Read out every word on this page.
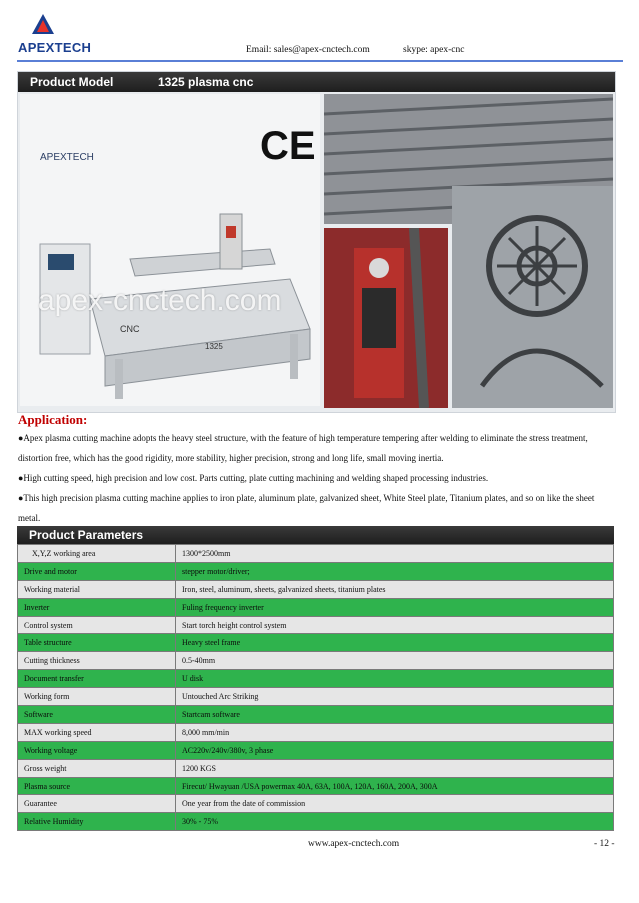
APEXTECH	Email: sales@apex-cnctech.com	skype: apex-cnc
Product Model	1325 plasma cnc
CNC
1325
APEXTECH	CE
apex-cnctech.com
Application:
●Apex plasma cutting machine adopts the heavy steel structure, with the feature of high temperature tempering after welding to eliminate the stress treatment, distortion free, which has the good rigidity, more stability, higher precision, strong and long life, small moving inertia.
●High cutting speed, high precision and low cost. Parts cutting, plate cutting machining and welding shaped processing industries.
●This high precision plasma cutting machine applies to iron plate, aluminum plate, galvanized sheet, White Steel plate, Titanium plates, and so on like the sheet metal.
Product Parameters
X,Y,Z working area	1300*2500mm
Drive and motor	stepper motor/driver;
Working material	Iron, steel, aluminum, sheets, galvanized sheets, titanium plates
Inverter	Fuling frequency inverter
Control system	Start torch height control system
Table structure	Heavy steel frame
Cutting thickness	0.5-40mm
Document transfer	U disk
Working form	Untouched Arc Striking
Software	Startcam software
MAX working speed	8,000 mm/min
Working voltage	AC220v/240v/380v, 3 phase
Gross weight	1200 KGS
Plasma source	Firecut/ Hwayuan /USA powermax 40A, 63A, 100A, 120A, 160A, 200A, 300A
Guarantee	One year from the date of commission
Relative Humidity	30% - 75%
www.apex-cnctech.com	- 12 -
